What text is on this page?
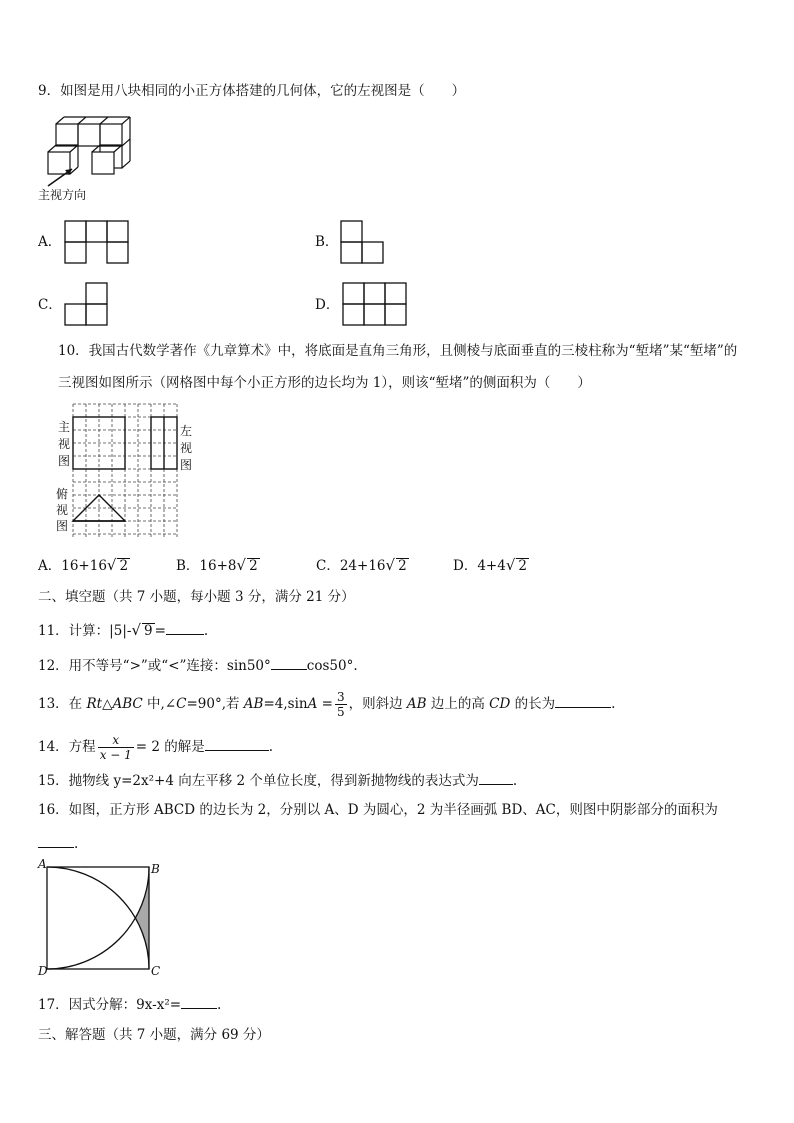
9．如图是用八块相同的小正方体搭建的几何体，它的左视图是（　　）
主视方向
A．	B．
C．	D．
10．我国古代数学著作《九章算术》中，将底面是直角三角形，且侧棱与底面垂直的三棱柱称为“堑堵”某“堑堵”的
三视图如图所示（网格图中每个小正方形的边长均为 1），则该“堑堵”的侧面积为（　　）
主
视
图
左
视
图
俯
视
图
A．16+16√ 2	B．16+8√ 2	C．24+16√ 2	D．4+4√ 2
二、填空题（共 7 小题，每小题 3 分，满分 21 分）
11．计算：|5|-√ 9 =	.
12．用不等号“>”或“<”连接：sin50°	cos50°.
13．在 Rt△ABC 中,∠C=90°,若 $AB=4,\sin A = \frac{3}{5}$ ，则斜边 AB 边上的高 CD 的长为	.
14．方程 $\frac{x}{x - 1} = 2$ 的解是	.
15．抛物线 y=2x²+4 向左平移 2 个单位长度，得到新抛物线的表达式为	.
16．如图，正方形 ABCD 的边长为 2，分别以 A、D 为圆心，2 为半径画弧 BD、AC，则图中阴影部分的面积为
.
A	B
C
D
17．因式分解：9x-x²=	.
三、解答题（共 7 小题，满分 69 分）
